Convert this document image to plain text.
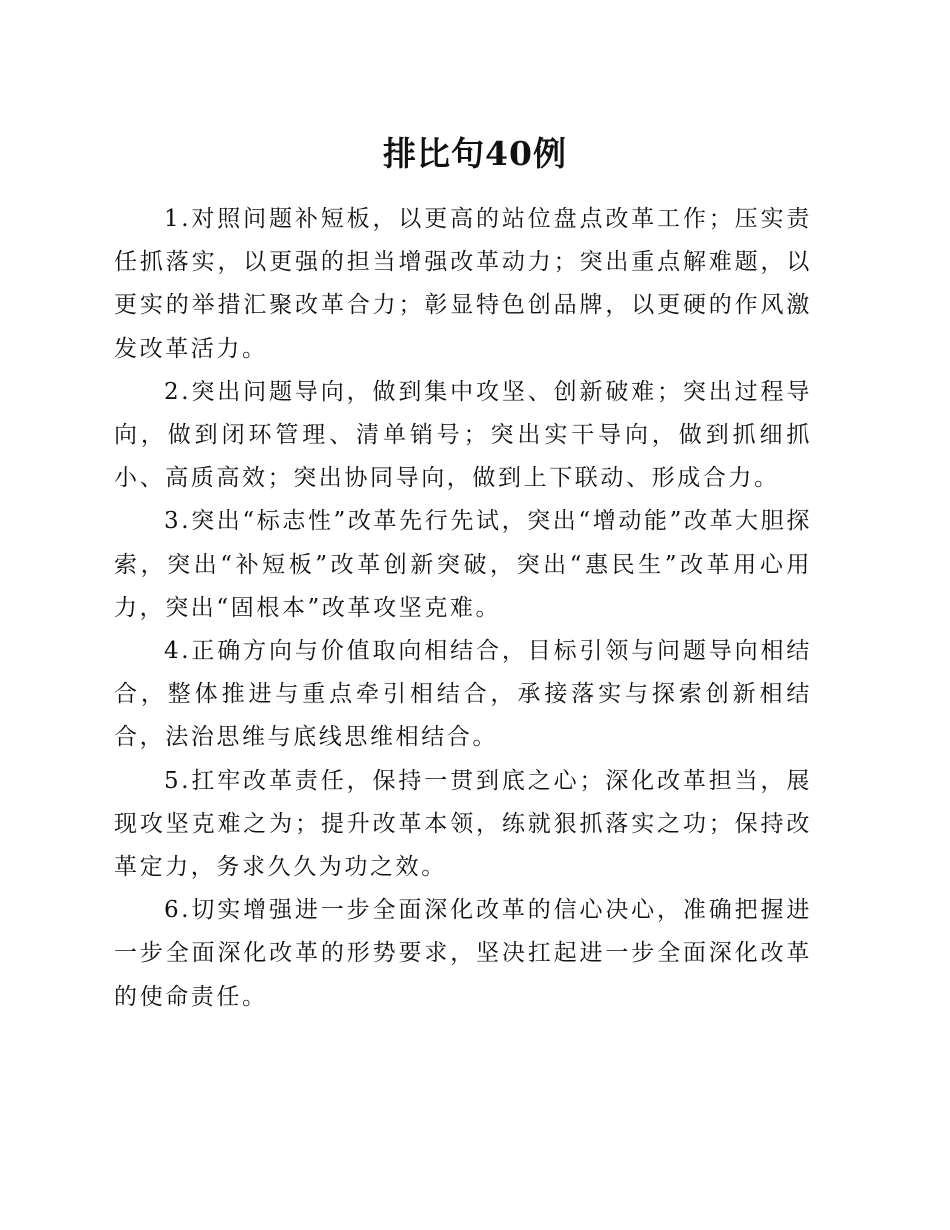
排比句40例

1.对照问题补短板，以更高的站位盘点改革工作；压实责任抓落实，以更强的担当增强改革动力；突出重点解难题，以更实的举措汇聚改革合力；彰显特色创品牌，以更硬的作风激发改革活力。

2.突出问题导向，做到集中攻坚、创新破难；突出过程导向，做到闭环管理、清单销号；突出实干导向，做到抓细抓小、高质高效；突出协同导向，做到上下联动、形成合力。

3.突出“标志性”改革先行先试，突出“增动能”改革大胆探索，突出“补短板”改革创新突破，突出“惠民生”改革用心用力，突出“固根本”改革攻坚克难。

4.正确方向与价值取向相结合，目标引领与问题导向相结合，整体推进与重点牵引相结合，承接落实与探索创新相结合，法治思维与底线思维相结合。

5.扛牢改革责任，保持一贯到底之心；深化改革担当，展现攻坚克难之为；提升改革本领，练就狠抓落实之功；保持改革定力，务求久久为功之效。

6.切实增强进一步全面深化改革的信心决心，准确把握进一步全面深化改革的形势要求，坚决扛起进一步全面深化改革的使命责任。
